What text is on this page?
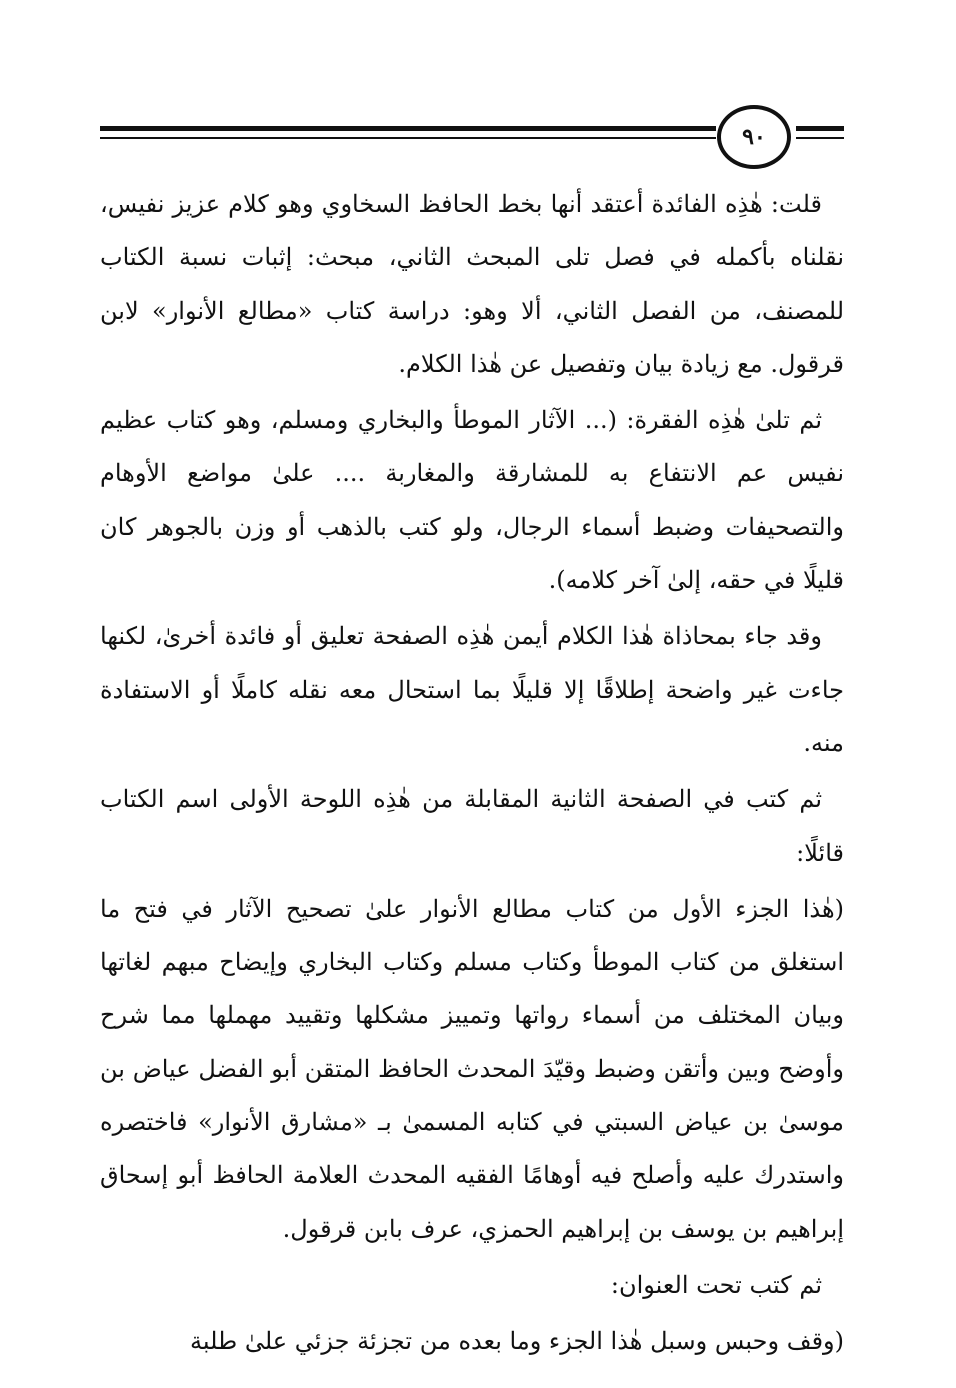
٩٠

قلت: هٰذِه الفائدة أعتقد أنها بخط الحافظ السخاوي وهو كلام عزيز نفيس، نقلناه بأكمله في فصل تلى المبحث الثاني، مبحث: إثبات نسبة الكتاب للمصنف، من الفصل الثاني، ألا وهو: دراسة كتاب «مطالع الأنوار» لابن قرقول. مع زيادة بيان وتفصيل عن هٰذا الكلام.

ثم تلىٰ هٰذِه الفقرة: (... الآثار الموطأ والبخاري ومسلم، وهو كتاب عظيم نفيس عم الانتفاع به للمشارقة والمغاربة .... علىٰ مواضع الأوهام والتصحيفات وضبط أسماء الرجال، ولو كتب بالذهب أو وزن بالجوهر كان قليلًا في حقه، إلىٰ آخر كلامه).

وقد جاء بمحاذاة هٰذا الكلام أيمن هٰذِه الصفحة تعليق أو فائدة أخرىٰ، لكنها جاءت غير واضحة إطلاقًا إلا قليلًا بما استحال معه نقله كاملًا أو الاستفادة منه.

ثم كتب في الصفحة الثانية المقابلة من هٰذِه اللوحة الأولى اسم الكتاب قائلًا:

(هٰذا الجزء الأول من كتاب مطالع الأنوار علىٰ تصحيح الآثار في فتح ما استغلق من كتاب الموطأ وكتاب مسلم وكتاب البخاري وإيضاح مبهم لغاتها وبيان المختلف من أسماء رواتها وتمييز مشكلها وتقييد مهملها مما شرح وأوضح وبين وأتقن وضبط وقيّدَ المحدث الحافظ المتقن أبو الفضل عياض بن موسىٰ بن عياض السبتي في كتابه المسمىٰ بـ «مشارق الأنوار» فاختصره واستدرك عليه وأصلح فيه أوهامًا الفقيه المحدث العلامة الحافظ أبو إسحاق إبراهيم بن يوسف بن إبراهيم الحمزي، عرف بابن قرقول.

ثم كتب تحت العنوان:

(وقف وحبس وسبل هٰذا الجزء وما بعده من تجزئة جزئي علىٰ طلبة
